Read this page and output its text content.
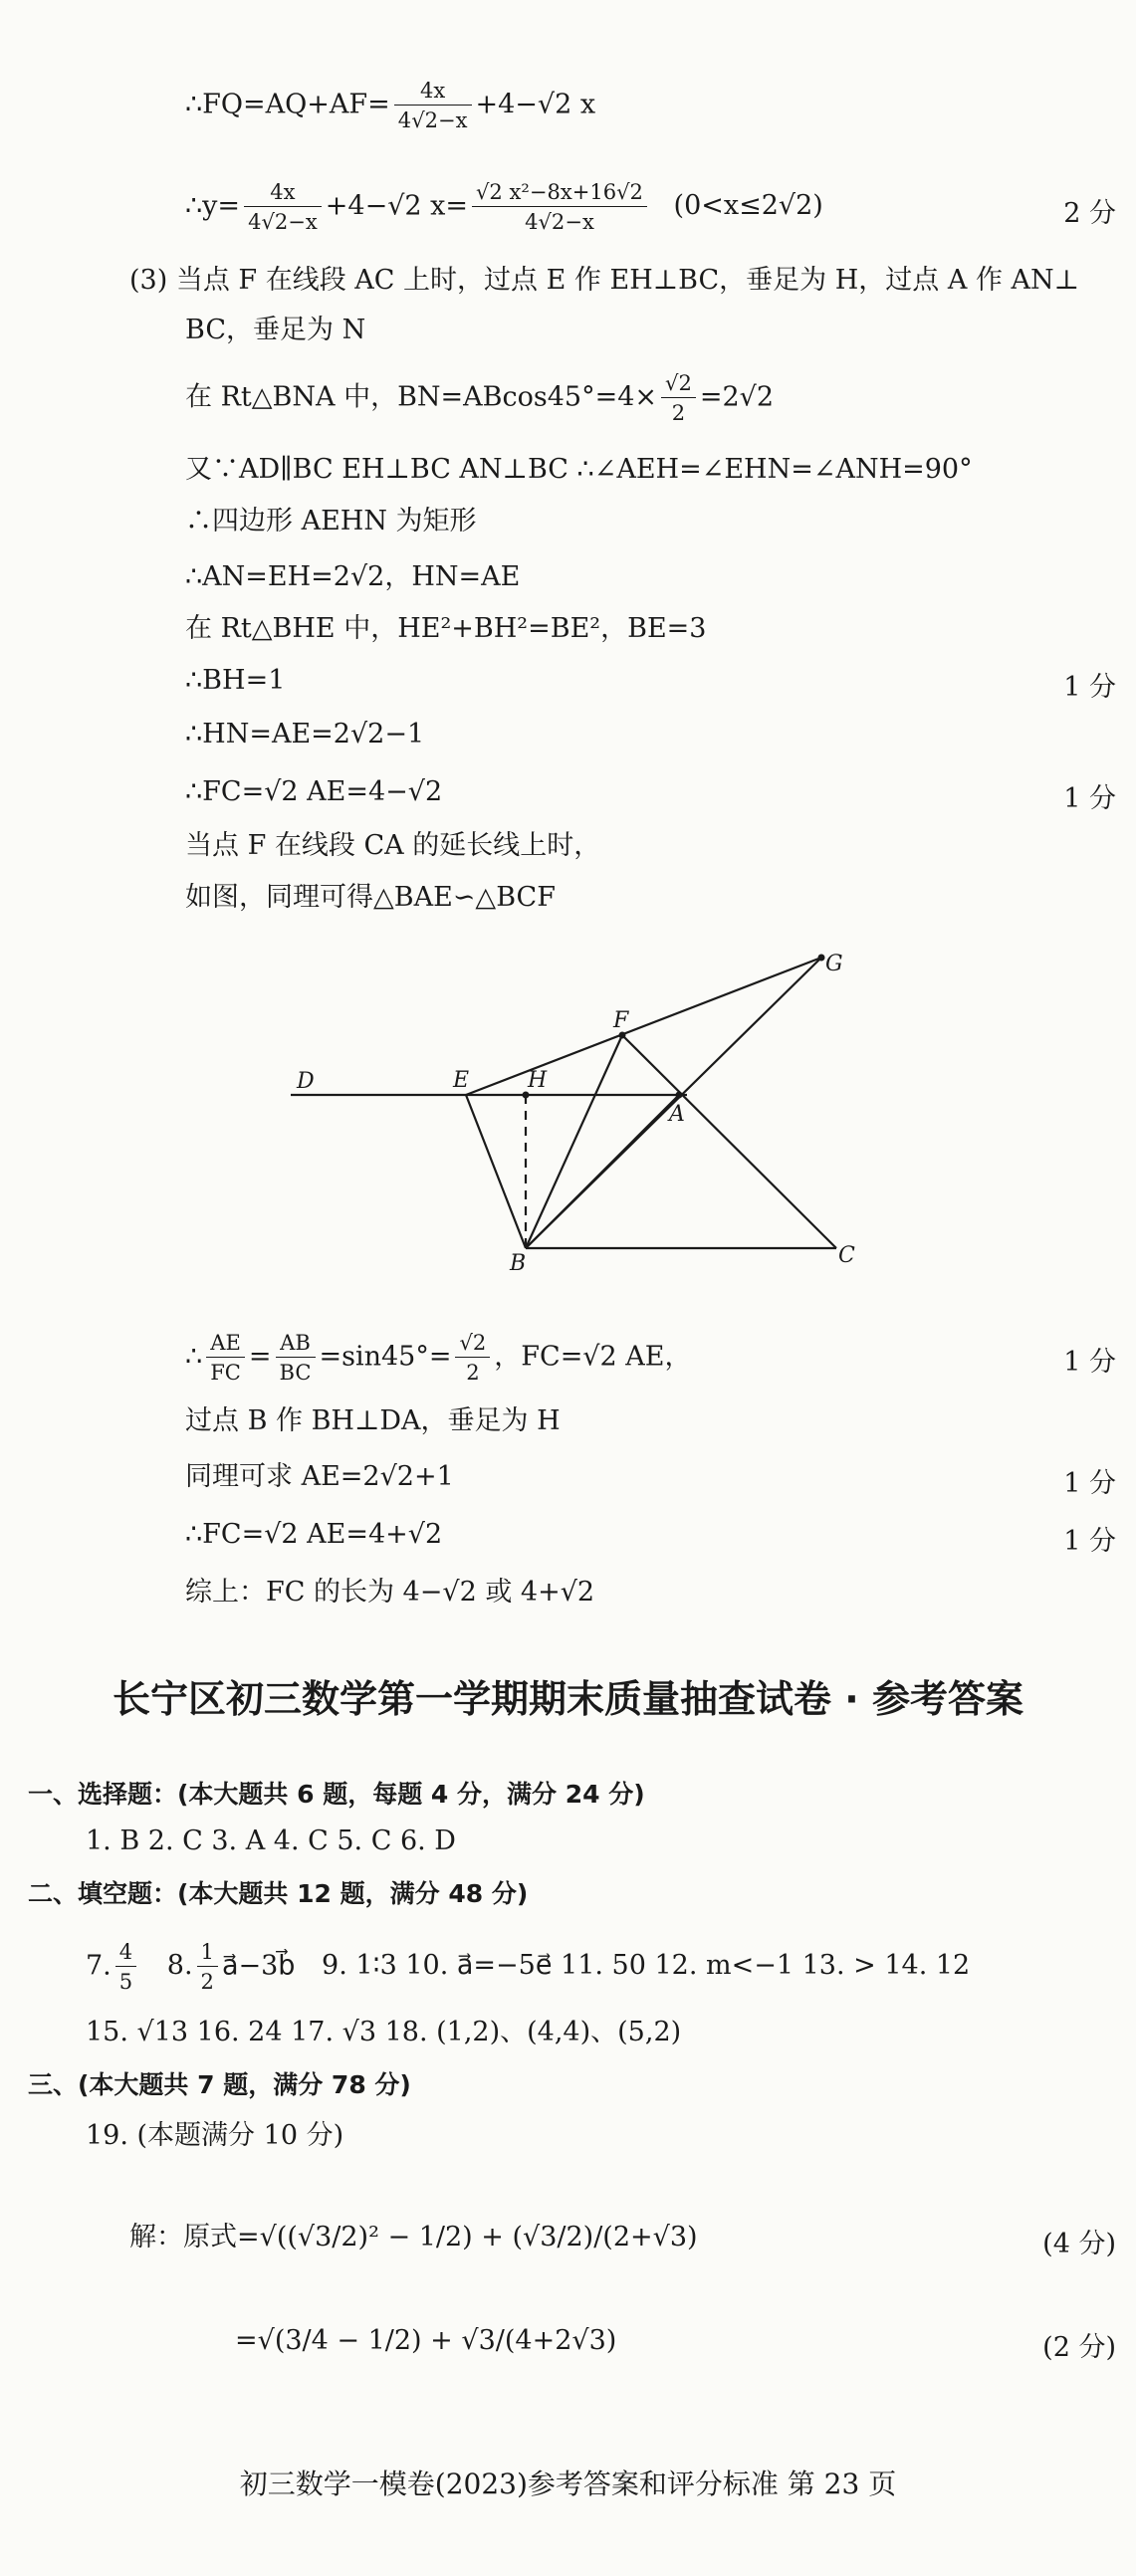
∴FQ=AQ+AF= $\frac{4x}{4√2-x} +4-√2$ x
∴y= $\frac{4x}{4√2-x} +4-√2$ $x= \frac{\text{√2 x²−8x+16√2}}{4√2-x} (0<x\le 2√2)$	2 分
(3) 当点 F 在线段 AC 上时，过点 E 作 EH⊥BC，垂足为 H，过点 A 作 AN⊥
BC，垂足为 N
在 Rt△BNA 中，$BN=ABcos45^\circ=4\times \frac{√2}{2} =2√2$
又∵AD∥BC EH⊥BC AN⊥BC ∴∠AEH=∠EHN=∠ANH=90°
∴四边形 AEHN 为矩形
∴AN=EH=2√2，HN=AE
在 Rt△BHE 中，HE²+BH²=BE²，BE=3
∴BH=1	1 分
∴HN=AE=2√2−1
∴FC=√2 AE=4−√2	1 分
当点 F 在线段 CA 的延长线上时，
如图，同理可得△BAE∽△BCF
D	E	H
F
G
A
B	C
∴ $\frac{AE}{FC} = \frac{AB}{BC} =\sin 45^\circ= \frac{√2}{2}$ ，FC=√2 AE，	1 分
过点 B 作 BH⊥DA，垂足为 H
同理可求 AE=2√2+1	1 分
∴FC=√2 AE=4+√2	1 分
综上：FC 的长为 4−√2 或 4+√2
长宁区初三数学第一学期期末质量抽查试卷 · 参考答案
一、选择题：(本大题共 6 题，每题 4 分，满分 24 分)
1. B 2. C 3. A 4. C 5. C 6. D
二、填空题：(本大题共 12 题，满分 48 分)
7. $\frac{4}{5} 8$. $\frac{1}{2}$ a⃗−3b⃗ 9. 1∶3 10. a⃗=−5e⃗ 11. 50 12. m<−1 13. > 14. 12
15. √13 16. 24 17. √3 18. (1,2)、(4,4)、(5,2)
三、(本大题共 7 题，满分 78 分)
19. (本题满分 10 分)
解：原式=√((√3/2)² − 1/2) + (√3/2)/(2+√3)	(4 分)
=√(3/4 − 1/2) + √3/(4+2√3)	(2 分)
初三数学一模卷(2023)参考答案和评分标准 第 23 页
